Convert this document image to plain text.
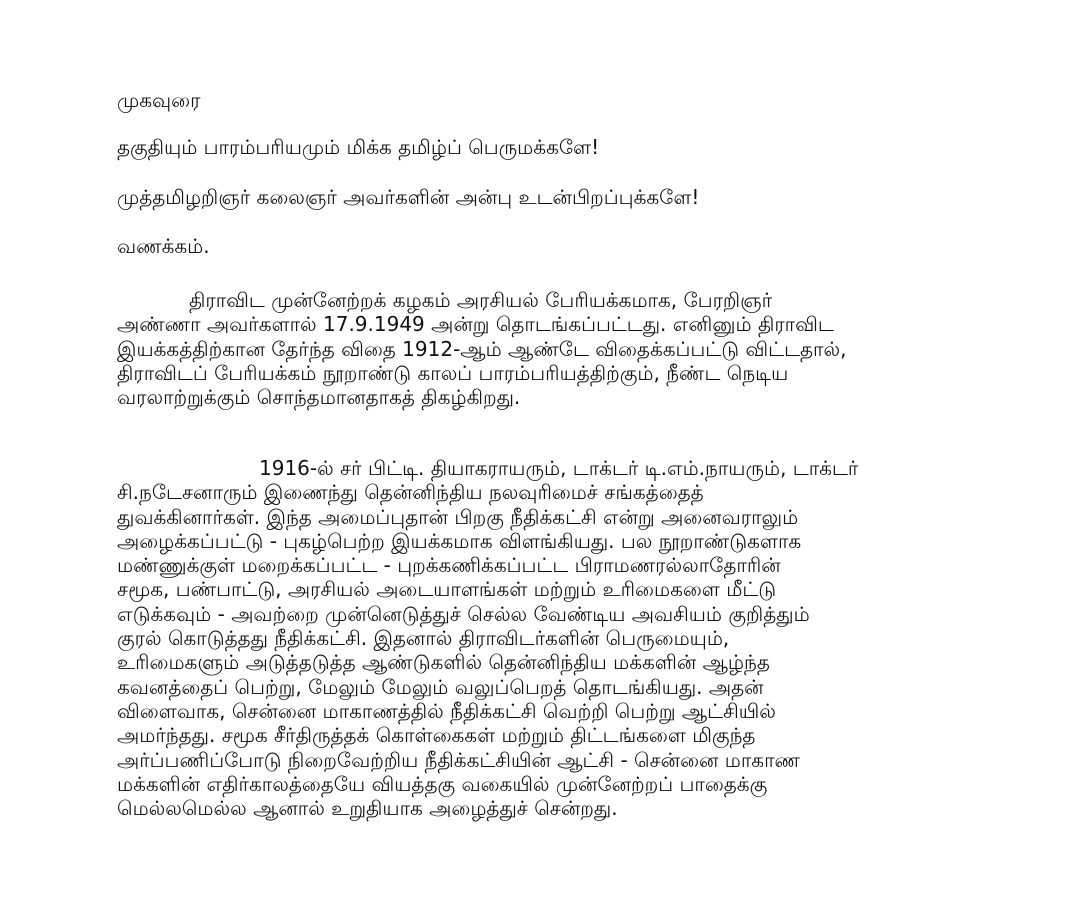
முகவுரை
தகுதியும் பாரம்பரியமும் மிக்க தமிழ்ப் பெருமக்களே!
முத்தமிழறிஞர் கலைஞர் அவர்களின் அன்பு உடன்பிறப்புக்களே!
வணக்கம்.
திராவிட முன்னேற்றக் கழகம் அரசியல் பேரியக்கமாக, பேரறிஞர்
அண்ணா அவர்களால் 17.9.1949 அன்று தொடங்கப்பட்டது. எனினும் திராவிட
இயக்கத்திற்கான தேர்ந்த விதை 1912-ஆம் ஆண்டே விதைக்கப்பட்டு விட்டதால்,
திராவிடப் பேரியக்கம் நூறாண்டு காலப் பாரம்பரியத்திற்கும், நீண்ட நெடிய
வரலாற்றுக்கும் சொந்தமானதாகத் திகழ்கிறது.
1916-ல் சர் பிட்டி. தியாகராயரும், டாக்டர் டி.எம்.நாயரும், டாக்டர்
சி.நடேசனாரும் இணைந்து தென்னிந்திய நலவுரிமைச் சங்கத்தைத்
துவக்கினார்கள். இந்த அமைப்புதான் பிறகு நீதிக்கட்சி என்று அனைவராலும்
அழைக்கப்பட்டு - புகழ்பெற்ற இயக்கமாக விளங்கியது. பல நூறாண்டுகளாக
மண்ணுக்குள் மறைக்கப்பட்ட - புறக்கணிக்கப்பட்ட பிராமணரல்லாதோரின்
சமூக, பண்பாட்டு, அரசியல் அடையாளங்கள் மற்றும் உரிமைகளை மீட்டு
எடுக்கவும் - அவற்றை முன்னெடுத்துச் செல்ல வேண்டிய அவசியம் குறித்தும்
குரல் கொடுத்தது நீதிக்கட்சி. இதனால் திராவிடர்களின் பெருமையும்,
உரிமைகளும் அடுத்தடுத்த ஆண்டுகளில் தென்னிந்திய மக்களின் ஆழ்ந்த
கவனத்தைப் பெற்று, மேலும் மேலும் வலுப்பெறத் தொடங்கியது. அதன்
விளைவாக, சென்னை மாகாணத்தில் நீதிக்கட்சி வெற்றி பெற்று ஆட்சியில்
அமர்ந்தது. சமூக சீர்திருத்தக் கொள்கைகள் மற்றும் திட்டங்களை மிகுந்த
அர்ப்பணிப்போடு நிறைவேற்றிய நீதிக்கட்சியின் ஆட்சி - சென்னை மாகாண
மக்களின் எதிர்காலத்தையே வியத்தகு வகையில் முன்னேற்றப் பாதைக்கு
மெல்லமெல்ல ஆனால் உறுதியாக அழைத்துச் சென்றது.
